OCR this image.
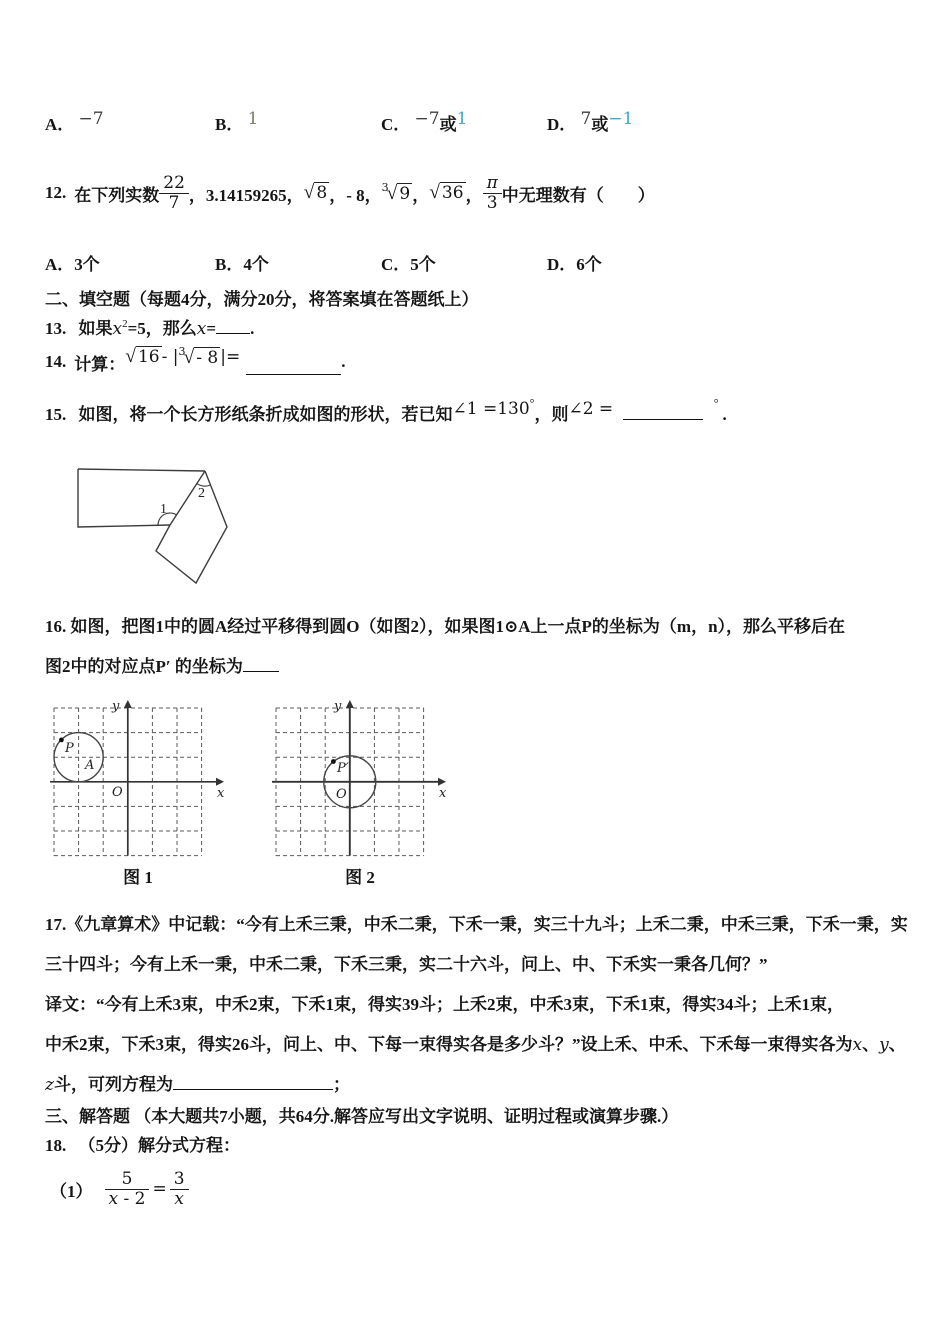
A． −7	B． 1	C． −7或1	D． 7或−1
12. 在下列实数 $\frac{22}{7}$ ， 3.14159265， √ 8 ， - 8， $^3$√ 9 ， √ 36 ， $\frac{\pi}{3}$ 中无理数有（　　）
A．3个	B．4个	C．5个	D．6个
二、填空题（每题4分，满分20分，将答案填在答题纸上）
13. 如果$x^2=5$，那么x= .
14. 计算： √ 16 - | $^3$√ - 8 |=	.
15. 如图，将一个长方形纸条折成如图的形状，若已知∠1 =130°，则∠2 =	°.
1
2
16. 如图，把图1中的圆A经过平移得到圆O（如图2），如果图1⊙A上一点P的坐标为（m，n），那么平移后在
图2中的对应点P′ 的坐标为
P
A
O	x
y
图 1
P′
O	x
y
图 2
17.《九章算术》中记载：“今有上禾三秉，中禾二秉，下禾一秉，实三十九斗；上禾二秉，中禾三秉，下禾一秉，实
三十四斗；今有上禾一秉，中禾二秉，下禾三秉，实二十六斗，问上、中、下禾实一秉各几何？”
译文：“今有上禾3束，中禾2束，下禾1束，得实39斗；上禾2束，中禾3束，下禾1束，得实34斗；上禾1束，
中禾2束，下禾3束，得实26斗，问上、中、下每一束得实各是多少斗？”设上禾、中禾、下禾每一束得实各为x、y、
z斗，可列方程为	；
三、解答题 （本大题共7小题，共64分.解答应写出文字说明、证明过程或演算步骤.）
18. （5分）解分式方程：
$(1) \frac{5}{x - 2} = \frac{3}{x}$
